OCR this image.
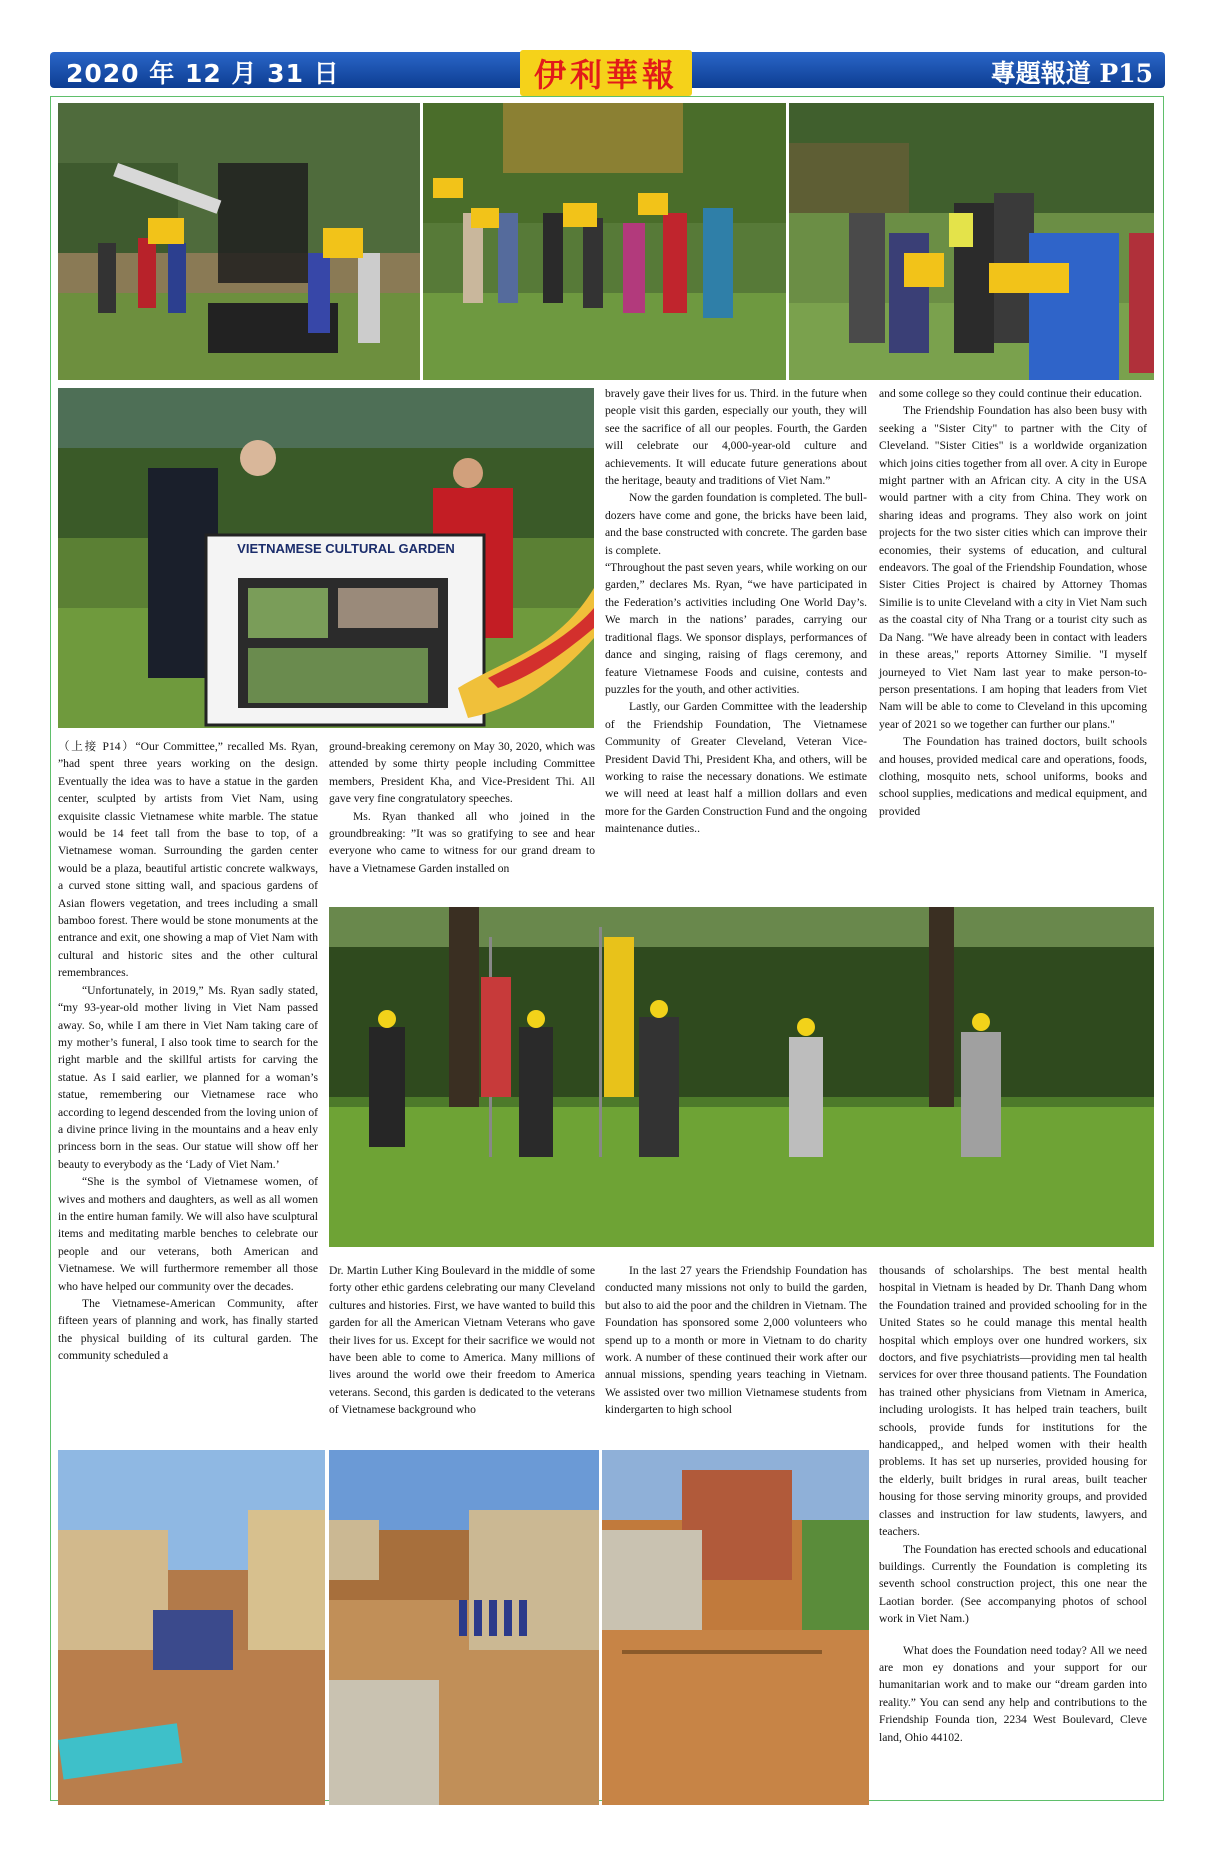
2020 年 12 月 31 日	伊利華報	專題報道 P15
VIETNAMESE CULTURAL GARDEN

（上接 P14）“Our Committee,” recalled Ms. Ryan, ”had spent three years working on the design. Eventually the idea was to have a statue in the garden center, sculpted by artists from Viet Nam, using exquisite classic Vietnamese white marble. The statue would be 14 feet tall from the base to top, of a Vietnamese woman. Surrounding the garden center would be a plaza, beautiful artistic concrete walkways, a curved stone sitting wall, and spacious gardens of Asian flowers vegetation, and trees including a small bamboo forest. There would be stone monuments at the entrance and exit, one showing a map of Viet Nam with cultural and historic sites and the other cultural remembrances.

“Unfortunately, in 2019,” Ms. Ryan sadly stated, “my 93-year-old mother living in Viet Nam passed away. So, while I am there in Viet Nam taking care of my mother’s funeral, I also took time to search for the right marble and the skillful artists for carving the statue. As I said earlier, we planned for a woman’s statue, remembering our Vietnamese race who according to legend descended from the loving union of a divine prince living in the mountains and a heav enly princess born in the seas. Our statue will show off her beauty to everybody as the ‘Lady of Viet Nam.’

“She is the symbol of Vietnamese women, of wives and mothers and daughters, as well as all women in the entire human family. We will also have sculptural items and meditating marble benches to celebrate our people and our veterans, both American and Vietnamese. We will furthermore remember all those who have helped our community over the decades.

The Vietnamese-American Community, after fifteen years of planning and work, has finally started the physical building of its cultural garden. The community scheduled a

ground-breaking ceremony on May 30, 2020, which was attended by some thirty people including Committee members, President Kha, and Vice-President Thi. All gave very fine congratulatory speeches.

Ms. Ryan thanked all who joined in the groundbreaking: ”It was so gratifying to see and hear everyone who came to witness for our grand dream to have a Vietnamese Garden installed on

Dr. Martin Luther King Boulevard in the middle of some forty other ethic gardens celebrating our many Cleveland cultures and histories. First, we have wanted to build this garden for all the American Vietnam Veterans who gave their lives for us. Except for their sacrifice we would not have been able to come to America. Many millions of lives around the world owe their freedom to America veterans. Second, this garden is dedicated to the veterans of Vietnamese background who

bravely gave their lives for us. Third. in the future when people visit this garden, especially our youth, they will see the sacrifice of all our peoples. Fourth, the Garden will celebrate our 4,000-year-old culture and achievements. It will educate future generations about the heritage, beauty and traditions of Viet Nam.”

Now the garden foundation is completed. The bull-dozers have come and gone, the bricks have been laid, and the base constructed with concrete. The garden base is complete.

“Throughout the past seven years, while working on our garden,” declares Ms. Ryan, “we have participated in the Federation’s activities including One World Day’s. We march in the nations’ parades, carrying our traditional flags. We sponsor displays, performances of dance and singing, raising of flags ceremony, and feature Vietnamese Foods and cuisine, contests and puzzles for the youth, and other activities.

Lastly, our Garden Committee with the leadership of the Friendship Foundation, The Vietnamese Community of Greater Cleveland, Veteran Vice-President David Thi, President Kha, and others, will be working to raise the necessary donations. We estimate we will need at least half a million dollars and even more for the Garden Construction Fund and the ongoing maintenance duties..

In the last 27 years the Friendship Foundation has conducted many missions not only to build the garden, but also to aid the poor and the children in Vietnam. The Foundation has sponsored some 2,000 volunteers who spend up to a month or more in Vietnam to do charity work. A number of these continued their work after our annual missions, spending years teaching in Vietnam. We assisted over two million Vietnamese students from kindergarten to high school

and some college so they could continue their education.

The Friendship Foundation has also been busy with seeking a "Sister City" to partner with the City of Cleveland. "Sister Cities" is a worldwide organization which joins cities together from all over. A city in Europe might partner with an African city. A city in the USA would partner with a city from China. They work on sharing ideas and programs. They also work on joint projects for the two sister cities which can improve their economies, their systems of education, and cultural endeavors. The goal of the Friendship Foundation, whose Sister Cities Project is chaired by Attorney Thomas Similie is to unite Cleveland with a city in Viet Nam such as the coastal city of Nha Trang or a tourist city such as Da Nang. "We have already been in contact with leaders in these areas," reports Attorney Similie. "I myself journeyed to Viet Nam last year to make person-to-person presentations. I am hoping that leaders from Viet Nam will be able to come to Cleveland in this upcoming year of 2021 so we together can further our plans."

The Foundation has trained doctors, built schools and houses, provided medical care and operations, foods, clothing, mosquito nets, school uniforms, books and school supplies, medications and medical equipment, and provided

thousands of scholarships. The best mental health hospital in Vietnam is headed by Dr. Thanh Dang whom the Foundation trained and provided schooling for in the United States so he could manage this mental health hospital which employs over one hundred workers, six doctors, and five psychiatrists—providing men tal health services for over three thousand patients. The Foundation has trained other physicians from Vietnam in America, including urologists. It has helped train teachers, built schools, provide funds for institutions for the handicapped,, and helped women with their health problems. It has set up nurseries, provided housing for the elderly, built bridges in rural areas, built teacher housing for those serving minority groups, and provided classes and instruction for law students, lawyers, and teachers.

The Foundation has erected schools and educational buildings. Currently the Foundation is completing its seventh school construction project, this one near the Laotian border. (See accompanying photos of school work in Viet Nam.)

What does the Foundation need today? All we need are mon ey donations and your support for our humanitarian work and to make our “dream garden into reality.” You can send any help and contributions to the Friendship Founda tion, 2234 West Boulevard, Cleve land, Ohio 44102.
